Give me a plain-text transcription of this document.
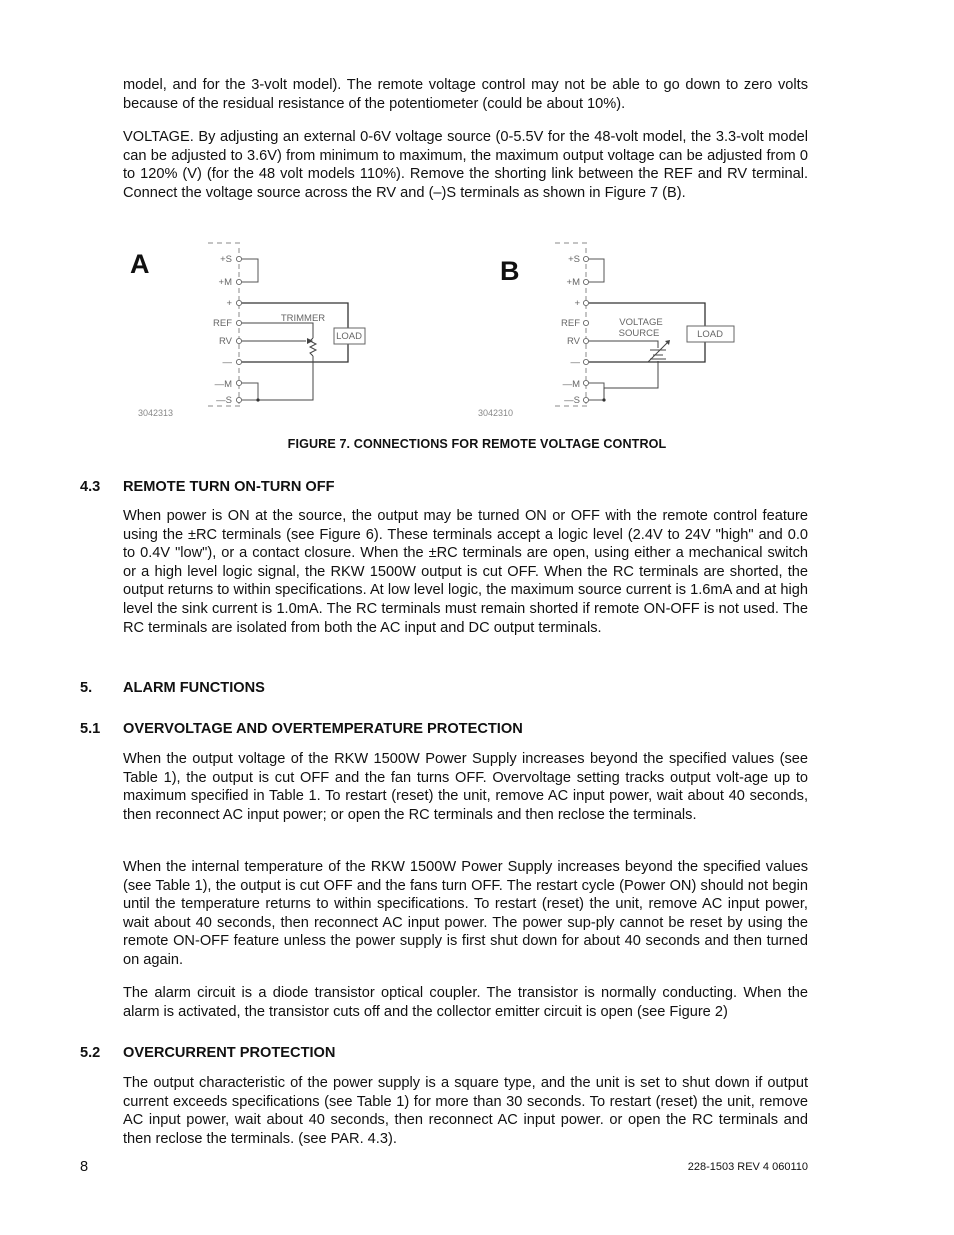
model, and for the 3-volt model). The remote voltage control may not be able to go down to zero volts because of the residual resistance of the potentiometer (could be about 10%).

VOLTAGE. By adjusting an external 0-6V voltage source (0-5.5V for the 48-volt model, the 3.3-volt model can be adjusted to 3.6V) from minimum to maximum, the maximum output voltage can be adjusted from 0 to 120% (V) (for the 48 volt models 110%). Remove the shorting link between the REF and RV terminal. Connect the voltage source across the RV and (–)S terminals as shown in Figure 7 (B).

A	+S
+M
+
REF
RV
—
—M
—S
LOAD
TRIMMER
3042313
B	+S
+M
+
REF
RV
—
—M
—S
LOAD
VOLTAGE
SOURCE
3042310
FIGURE 7. CONNECTIONS FOR REMOTE VOLTAGE CONTROL
4.3 REMOTE TURN ON-TURN OFF

When power is ON at the source, the output may be turned ON or OFF with the remote control feature using the ±RC terminals (see Figure 6). These terminals accept a logic level (2.4V to 24V "high" and 0.0 to 0.4V "low"), or a contact closure. When the ±RC terminals are open, using either a mechanical switch or a high level logic signal, the RKW 1500W output is cut OFF. When the RC terminals are shorted, the output returns to within specifications. At low level logic, the maximum source current is 1.6mA and at high level the sink current is 1.0mA. The RC terminals must remain shorted if remote ON-OFF is not used. The RC terminals are isolated from both the AC input and DC output terminals.

5. ALARM FUNCTIONS
5.1 OVERVOLTAGE AND OVERTEMPERATURE PROTECTION

When the output voltage of the RKW 1500W Power Supply increases beyond the specified values (see Table 1), the output is cut OFF and the fan turns OFF. Overvoltage setting tracks output volt-age up to maximum specified in Table 1. To restart (reset) the unit, remove AC input power, wait about 40 seconds, then reconnect AC input power; or open the RC terminals and then reclose the terminals.

When the internal temperature of the RKW 1500W Power Supply increases beyond the specified values (see Table 1), the output is cut OFF and the fans turn OFF. The restart cycle (Power ON) should not begin until the temperature returns to within specifications. To restart (reset) the unit, remove AC input power, wait about 40 seconds, then reconnect AC input power. The power sup-ply cannot be reset by using the remote ON-OFF feature unless the power supply is first shut down for about 40 seconds and then turned on again.

The alarm circuit is a diode transistor optical coupler. The transistor is normally conducting. When the alarm is activated, the transistor cuts off and the collector emitter circuit is open (see Figure 2)

5.2 OVERCURRENT PROTECTION

The output characteristic of the power supply is a square type, and the unit is set to shut down if output current exceeds specifications (see Table 1) for more than 30 seconds. To restart (reset) the unit, remove AC input power, wait about 40 seconds, then reconnect AC input power. or open the RC terminals and then reclose the terminals. (see PAR. 4.3).

8	228-1503 REV 4 060110
